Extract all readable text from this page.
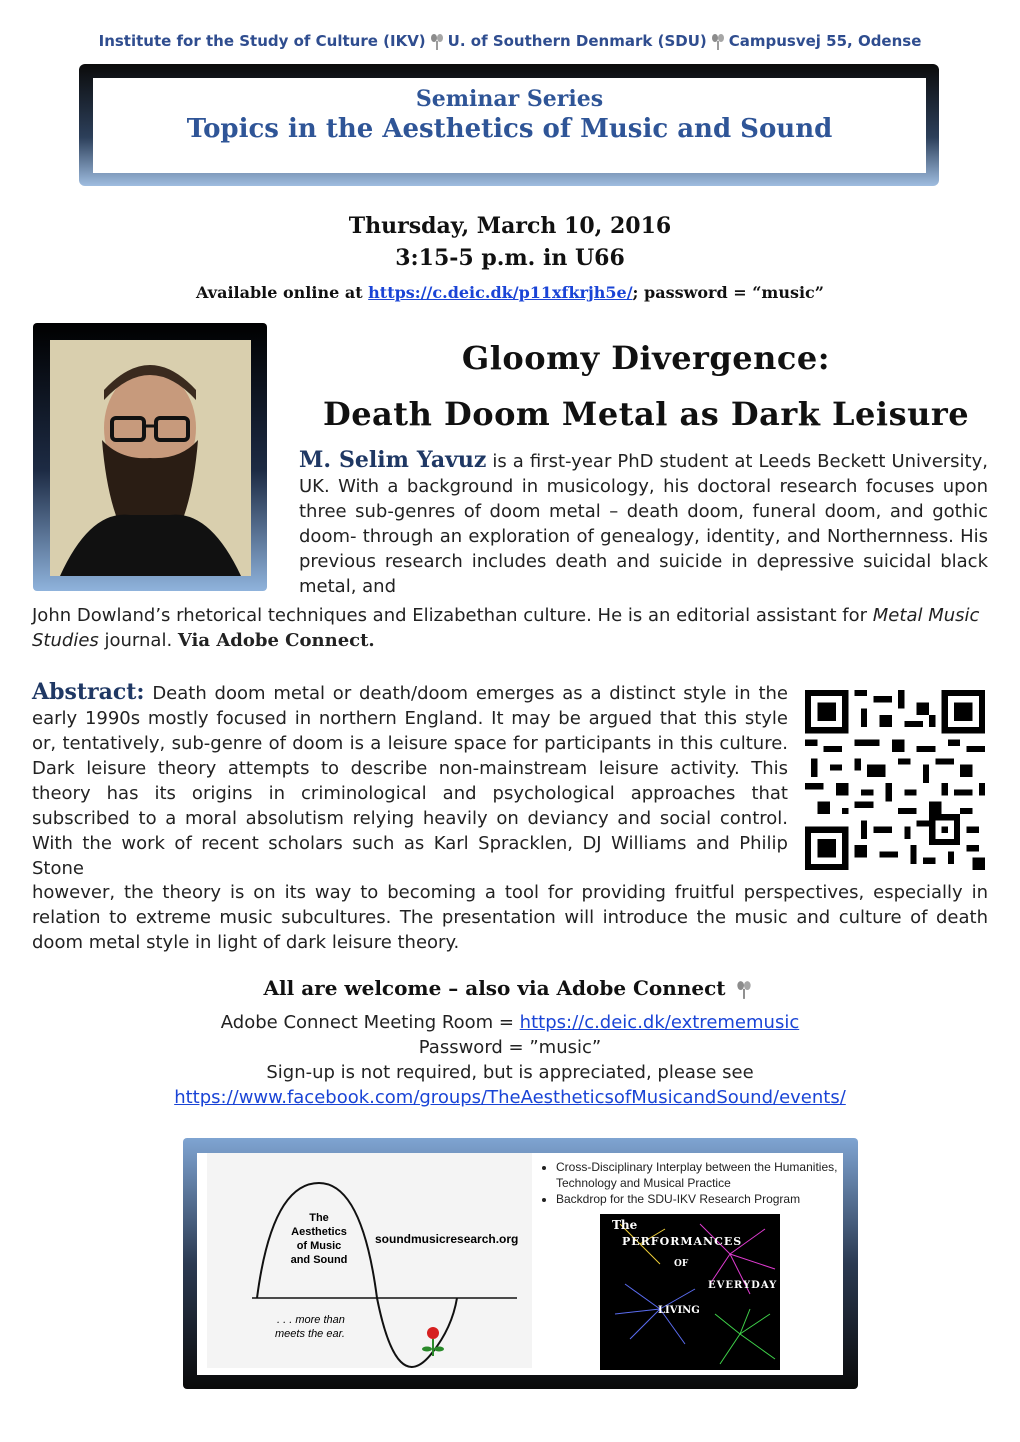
Institute for the Study of Culture (IKV) U. of Southern Denmark (SDU) Campusvej 55, Odense
Seminar Series
Topics in the Aesthetics of Music and Sound
Thursday, March 10, 2016
3:15-5 p.m. in U66
Available online at https://c.deic.dk/p11xfkrjh5e/; password = “music”
Gloomy Divergence:
Death Doom Metal as Dark Leisure
M. Selim Yavuz is a first-year PhD student at Leeds Beckett University, UK. With a background in musicology, his doctoral research focuses upon three sub-genres of doom metal – death doom, funeral doom, and gothic doom- through an exploration of genealogy, identity, and Northernness. His previous research includes death and suicide in depressive suicidal black metal, and
John Dowland’s rhetorical techniques and Elizabethan culture. He is an editorial assistant for Metal Music Studies journal. Via Adobe Connect.
Abstract: Death doom metal or death/doom emerges as a distinct style in the early 1990s mostly focused in northern England. It may be argued that this style or, tentatively, sub-genre of doom is a leisure space for participants in this culture. Dark leisure theory attempts to describe non-mainstream leisure activity. This theory has its origins in criminological and psychological approaches that subscribed to a moral absolutism relying heavily on deviancy and social control. With the work of recent scholars such as Karl Spracklen, DJ Williams and Philip Stone
however, the theory is on its way to becoming a tool for providing fruitful perspectives, especially in relation to extreme music subcultures. The presentation will introduce the music and culture of death doom metal style in light of dark leisure theory.
All are welcome – also via Adobe Connect
Adobe Connect Meeting Room = https://c.deic.dk/extrememusic
Password = ”music”
Sign-up is not required, but is appreciated, please see
https://www.facebook.com/groups/TheAestheticsofMusicandSound/events/
The
Aesthetics
of Music
and Sound
soundmusicresearch.org
. . . more than
meets the ear.
• Cross-Disciplinary Interplay between the Humanities, Technology and Musical Practice
• Backdrop for the SDU-IKV Research Program
The
PERFORMANCES
OF
EVERYDAY
LIVING
